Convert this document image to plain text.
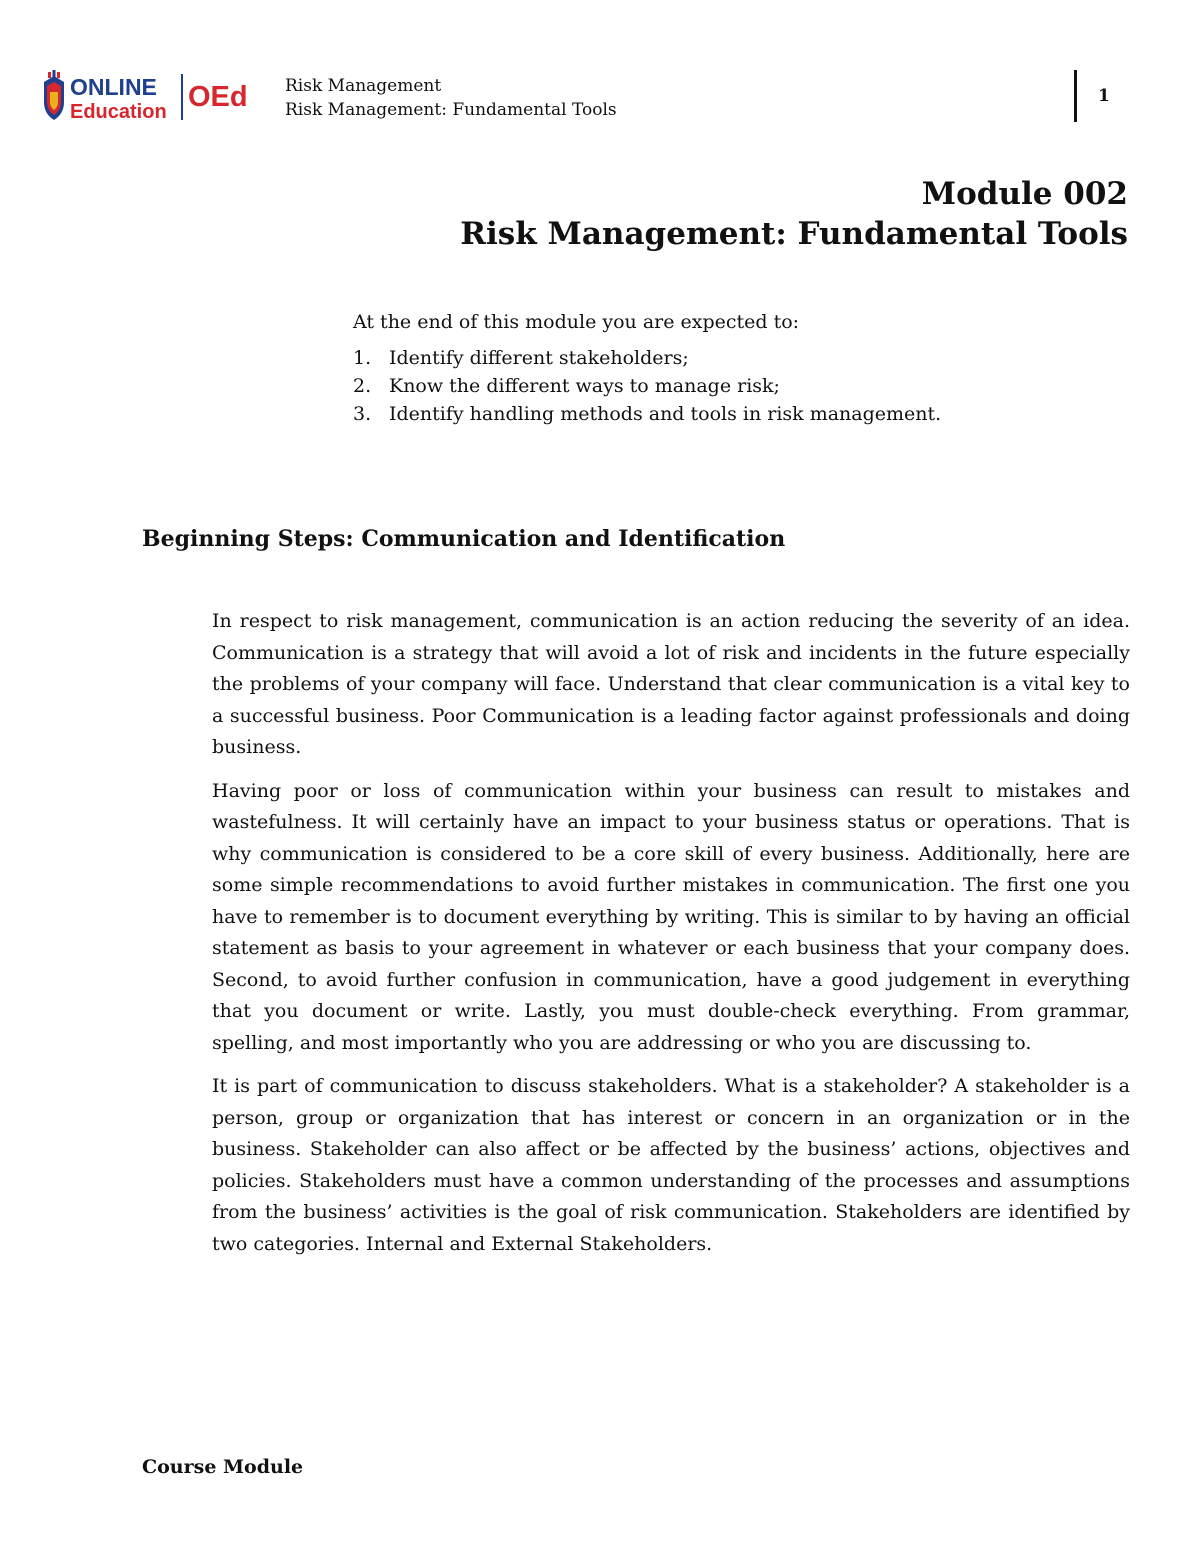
ONLINE
Education OEd Risk Management
Risk Management: Fundamental Tools
1
Module 002
Risk Management: Fundamental Tools

At the end of this module you are expected to:

1. Identify different stakeholders;
2. Know the different ways to manage risk;
3. Identify handling methods and tools in risk management.
Beginning Steps: Communication and Identification

In respect to risk management, communication is an action reducing the severity of an idea. Communication is a strategy that will avoid a lot of risk and incidents in the future especially the problems of your company will face. Understand that clear communication is a vital key to a successful business. Poor Communication is a leading factor against professionals and doing business.

Having poor or loss of communication within your business can result to mistakes and wastefulness. It will certainly have an impact to your business status or operations. That is why communication is considered to be a core skill of every business. Additionally, here are some simple recommendations to avoid further mistakes in communication. The first one you have to remember is to document everything by writing. This is similar to by having an official statement as basis to your agreement in whatever or each business that your company does. Second, to avoid further confusion in communication, have a good judgement in everything that you document or write. Lastly, you must double-check everything. From grammar, spelling, and most importantly who you are addressing or who you are discussing to.

It is part of communication to discuss stakeholders. What is a stakeholder? A stakeholder is a person, group or organization that has interest or concern in an organization or in the business. Stakeholder can also affect or be affected by the business’ actions, objectives and policies. Stakeholders must have a common understanding of the processes and assumptions from the business’ activities is the goal of risk communication. Stakeholders are identified by two categories. Internal and External Stakeholders.

Course Module
